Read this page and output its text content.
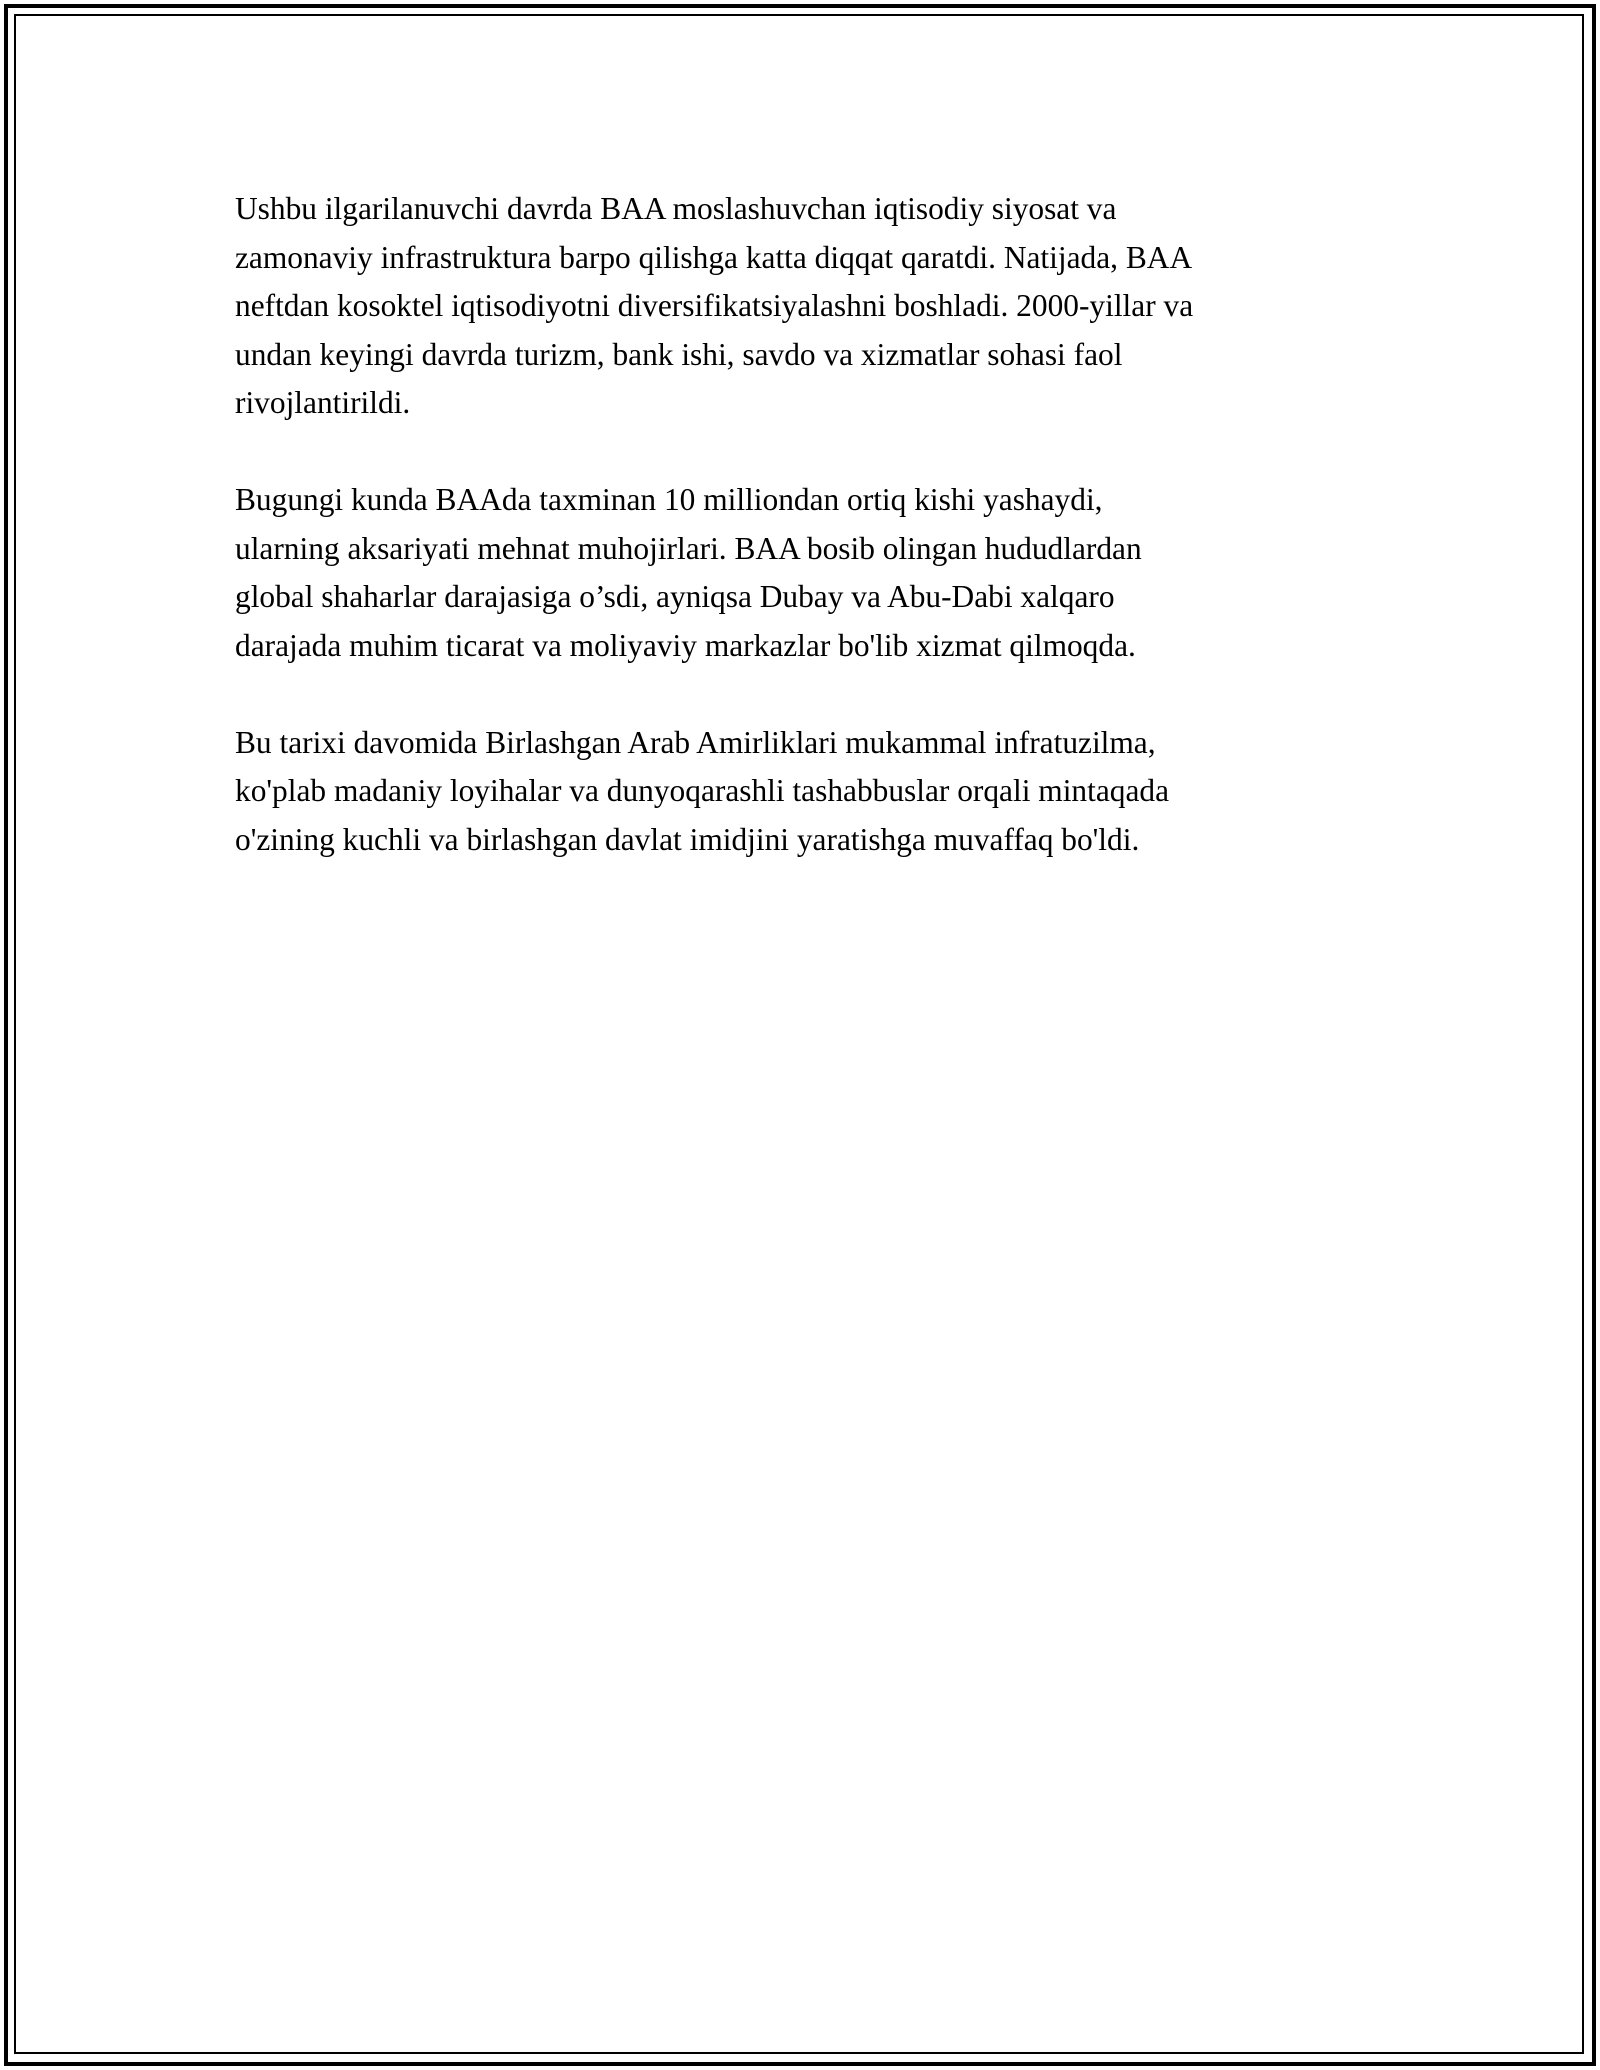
Ushbu ilgarilanuvchi davrda BAA moslashuvchan iqtisodiy siyosat va
zamonaviy infrastruktura barpo qilishga katta diqqat qaratdi. Natijada, BAA
neftdan kosoktel iqtisodiyotni diversifikatsiyalashni boshladi. 2000-yillar va
undan keyingi davrda turizm, bank ishi, savdo va xizmatlar sohasi faol
rivojlantirildi.

Bugungi kunda BAAda taxminan 10 milliondan ortiq kishi yashaydi,
ularning aksariyati mehnat muhojirlari. BAA bosib olingan hududlardan
global shaharlar darajasiga o’sdi, ayniqsa Dubay va Abu-Dabi xalqaro
darajada muhim ticarat va moliyaviy markazlar bo'lib xizmat qilmoqda.

Bu tarixi davomida Birlashgan Arab Amirliklari mukammal infratuzilma,
ko'plab madaniy loyihalar va dunyoqarashli tashabbuslar orqali mintaqada
o'zining kuchli va birlashgan davlat imidjini yaratishga muvaffaq bo'ldi.
